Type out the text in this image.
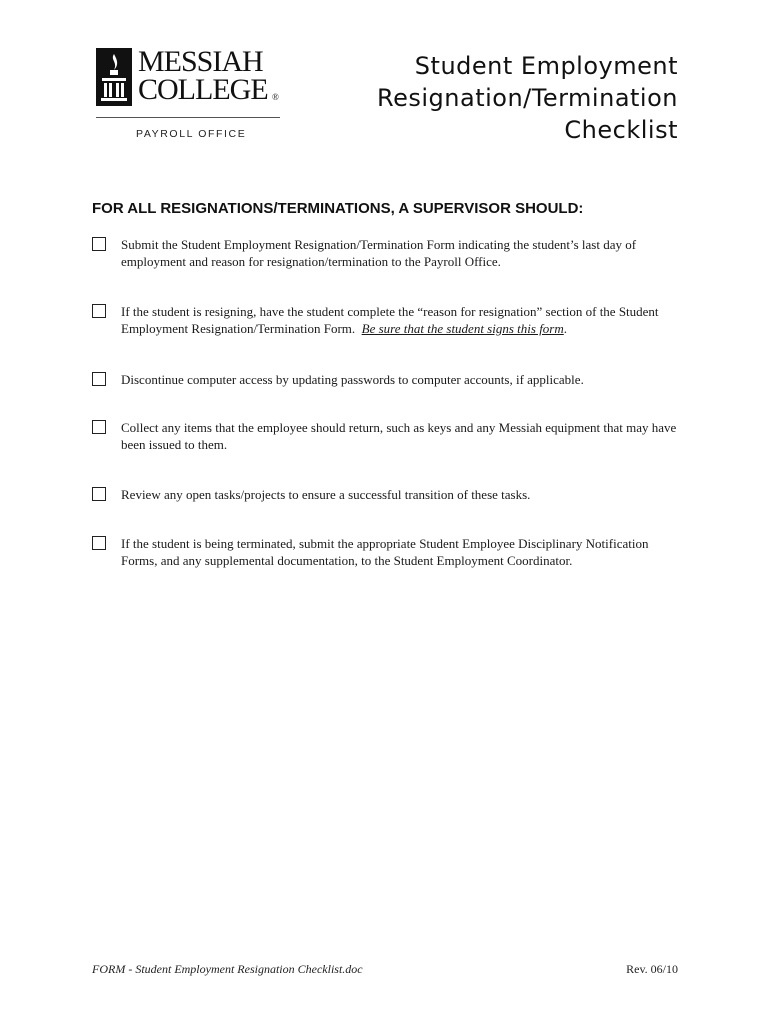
MESSIAH
COLLEGE ®
PAYROLL OFFICE
Student Employment
Resignation/Termination
Checklist
FOR ALL RESIGNATIONS/TERMINATIONS, A SUPERVISOR SHOULD:
Submit the Student Employment Resignation/Termination Form indicating the student’s last day of employment and reason for resignation/termination to the Payroll Office.
If the student is resigning, have the student complete the “reason for resignation” section of the Student Employment Resignation/Termination Form. Be sure that the student signs this form.
Discontinue computer access by updating passwords to computer accounts, if applicable.
Collect any items that the employee should return, such as keys and any Messiah equipment that may have been issued to them.
Review any open tasks/projects to ensure a successful transition of these tasks.
If the student is being terminated, submit the appropriate Student Employee Disciplinary Notification Forms, and any supplemental documentation, to the Student Employment Coordinator.
FORM - Student Employment Resignation Checklist.doc	Rev. 06/10
